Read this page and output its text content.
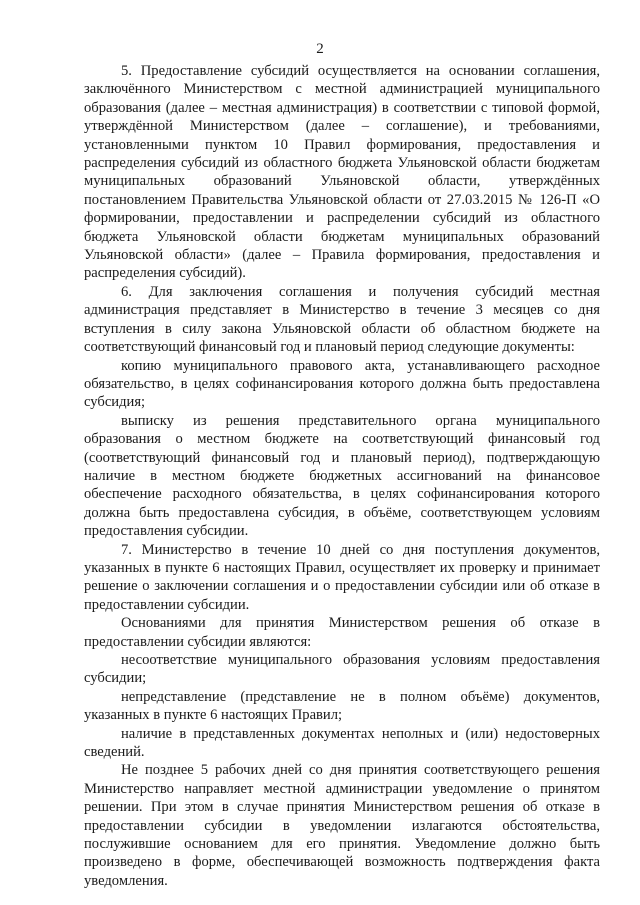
2

5. Предоставление субсидий осуществляется на основании соглашения, заключённого Министерством с местной администрацией муниципального образования (далее – местная администрация) в соответствии с типовой формой, утверждённой Министерством (далее – соглашение), и требованиями, установленными пунктом 10 Правил формирования, предоставления и распределения субсидий из областного бюджета Ульяновской области бюджетам муниципальных образований Ульяновской области, утверждённых постановлением Правительства Ульяновской области от 27.03.2015 № 126-П «О формировании, предоставлении и распределении субсидий из областного бюджета Ульяновской области бюджетам муниципальных образований Ульяновской области» (далее – Правила формирования, предоставления и распределения субсидий).

6. Для заключения соглашения и получения субсидий местная администрация представляет в Министерство в течение 3 месяцев со дня вступления в силу закона Ульяновской области об областном бюджете на соответствующий финансовый год и плановый период следующие документы:

копию муниципального правового акта, устанавливающего расходное обязательство, в целях софинансирования которого должна быть предоставлена субсидия;

выписку из решения представительного органа муниципального образования о местном бюджете на соответствующий финансовый год (соответствующий финансовый год и плановый период), подтверждающую наличие в местном бюджете бюджетных ассигнований на финансовое обеспечение расходного обязательства, в целях софинансирования которого должна быть предоставлена субсидия, в объёме, соответствующем условиям предоставления субсидии.

7. Министерство в течение 10 дней со дня поступления документов, указанных в пункте 6 настоящих Правил, осуществляет их проверку и принимает решение о заключении соглашения и о предоставлении субсидии или об отказе в предоставлении субсидии.

Основаниями для принятия Министерством решения об отказе в предоставлении субсидии являются:

несоответствие муниципального образования условиям предоставления субсидии;

непредставление (представление не в полном объёме) документов, указанных в пункте 6 настоящих Правил;

наличие в представленных документах неполных и (или) недостоверных сведений.

Не позднее 5 рабочих дней со дня принятия соответствующего решения Министерство направляет местной администрации уведомление о принятом решении. При этом в случае принятия Министерством решения об отказе в предоставлении субсидии в уведомлении излагаются обстоятельства, послужившие основанием для его принятия. Уведомление должно быть произведено в форме, обеспечивающей возможность подтверждения факта уведомления.
